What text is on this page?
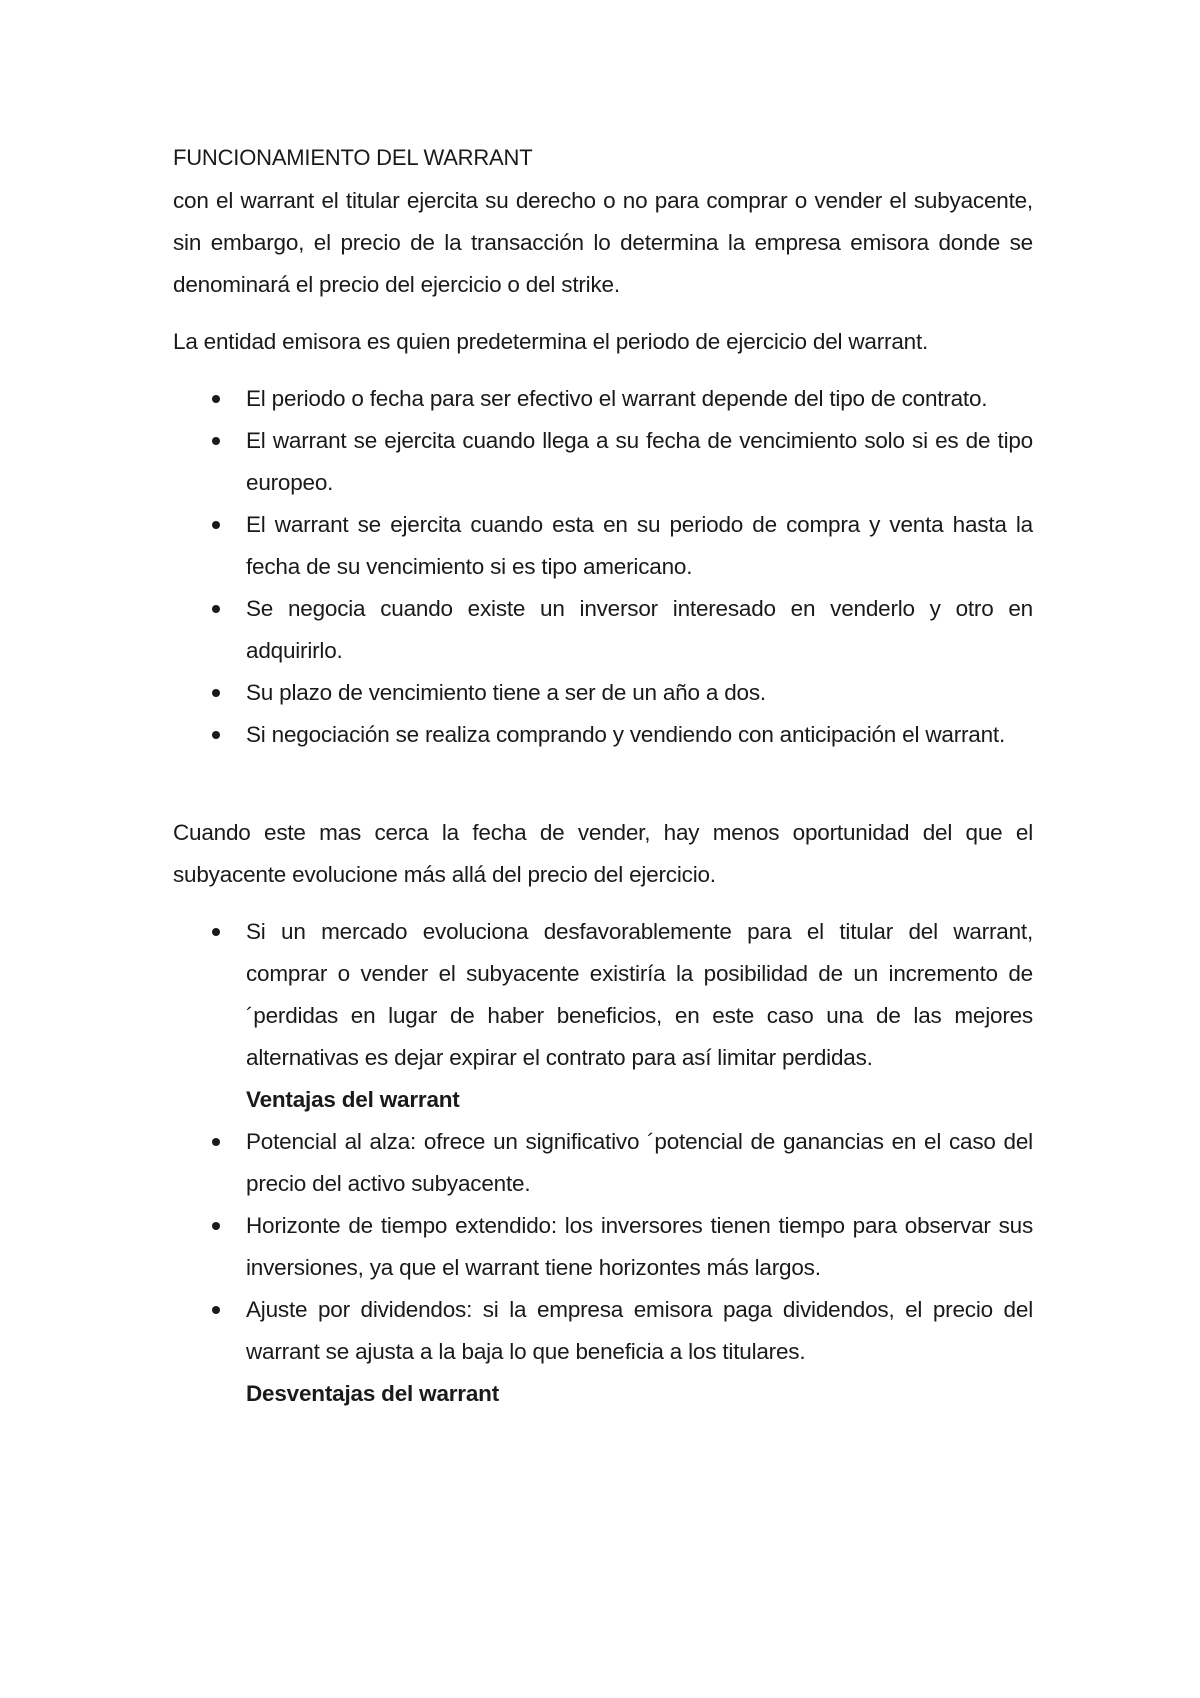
FUNCIONAMIENTO DEL WARRANT

con el warrant el titular ejercita su derecho o no para comprar o vender el subyacente, sin embargo, el precio de la transacción lo determina la empresa emisora donde se denominará el precio del ejercicio o del strike.

La entidad emisora es quien predetermina el periodo de ejercicio del warrant.

El periodo o fecha para ser efectivo el warrant depende del tipo de contrato.
El warrant se ejercita cuando llega a su fecha de vencimiento solo si es de tipo europeo.
El warrant se ejercita cuando esta en su periodo de compra y venta hasta la fecha de su vencimiento si es tipo americano.
Se negocia cuando existe un inversor interesado en venderlo y otro en adquirirlo.
Su plazo de vencimiento tiene a ser de un año a dos.
Si negociación se realiza comprando y vendiendo con anticipación el warrant.

Cuando este mas cerca la fecha de vender, hay menos oportunidad del que el subyacente evolucione más allá del precio del ejercicio.

Si un mercado evoluciona desfavorablemente para el titular del warrant, comprar o vender el subyacente existiría la posibilidad de un incremento de ´perdidas en lugar de haber beneficios, en este caso una de las mejores alternativas es dejar expirar el contrato para así limitar perdidas.
Ventajas del warrant
Potencial al alza: ofrece un significativo ´potencial de ganancias en el caso del precio del activo subyacente.
Horizonte de tiempo extendido: los inversores tienen tiempo para observar sus inversiones, ya que el warrant tiene horizontes más largos.
Ajuste por dividendos: si la empresa emisora paga dividendos, el precio del warrant se ajusta a la baja lo que beneficia a los titulares.
Desventajas del warrant
